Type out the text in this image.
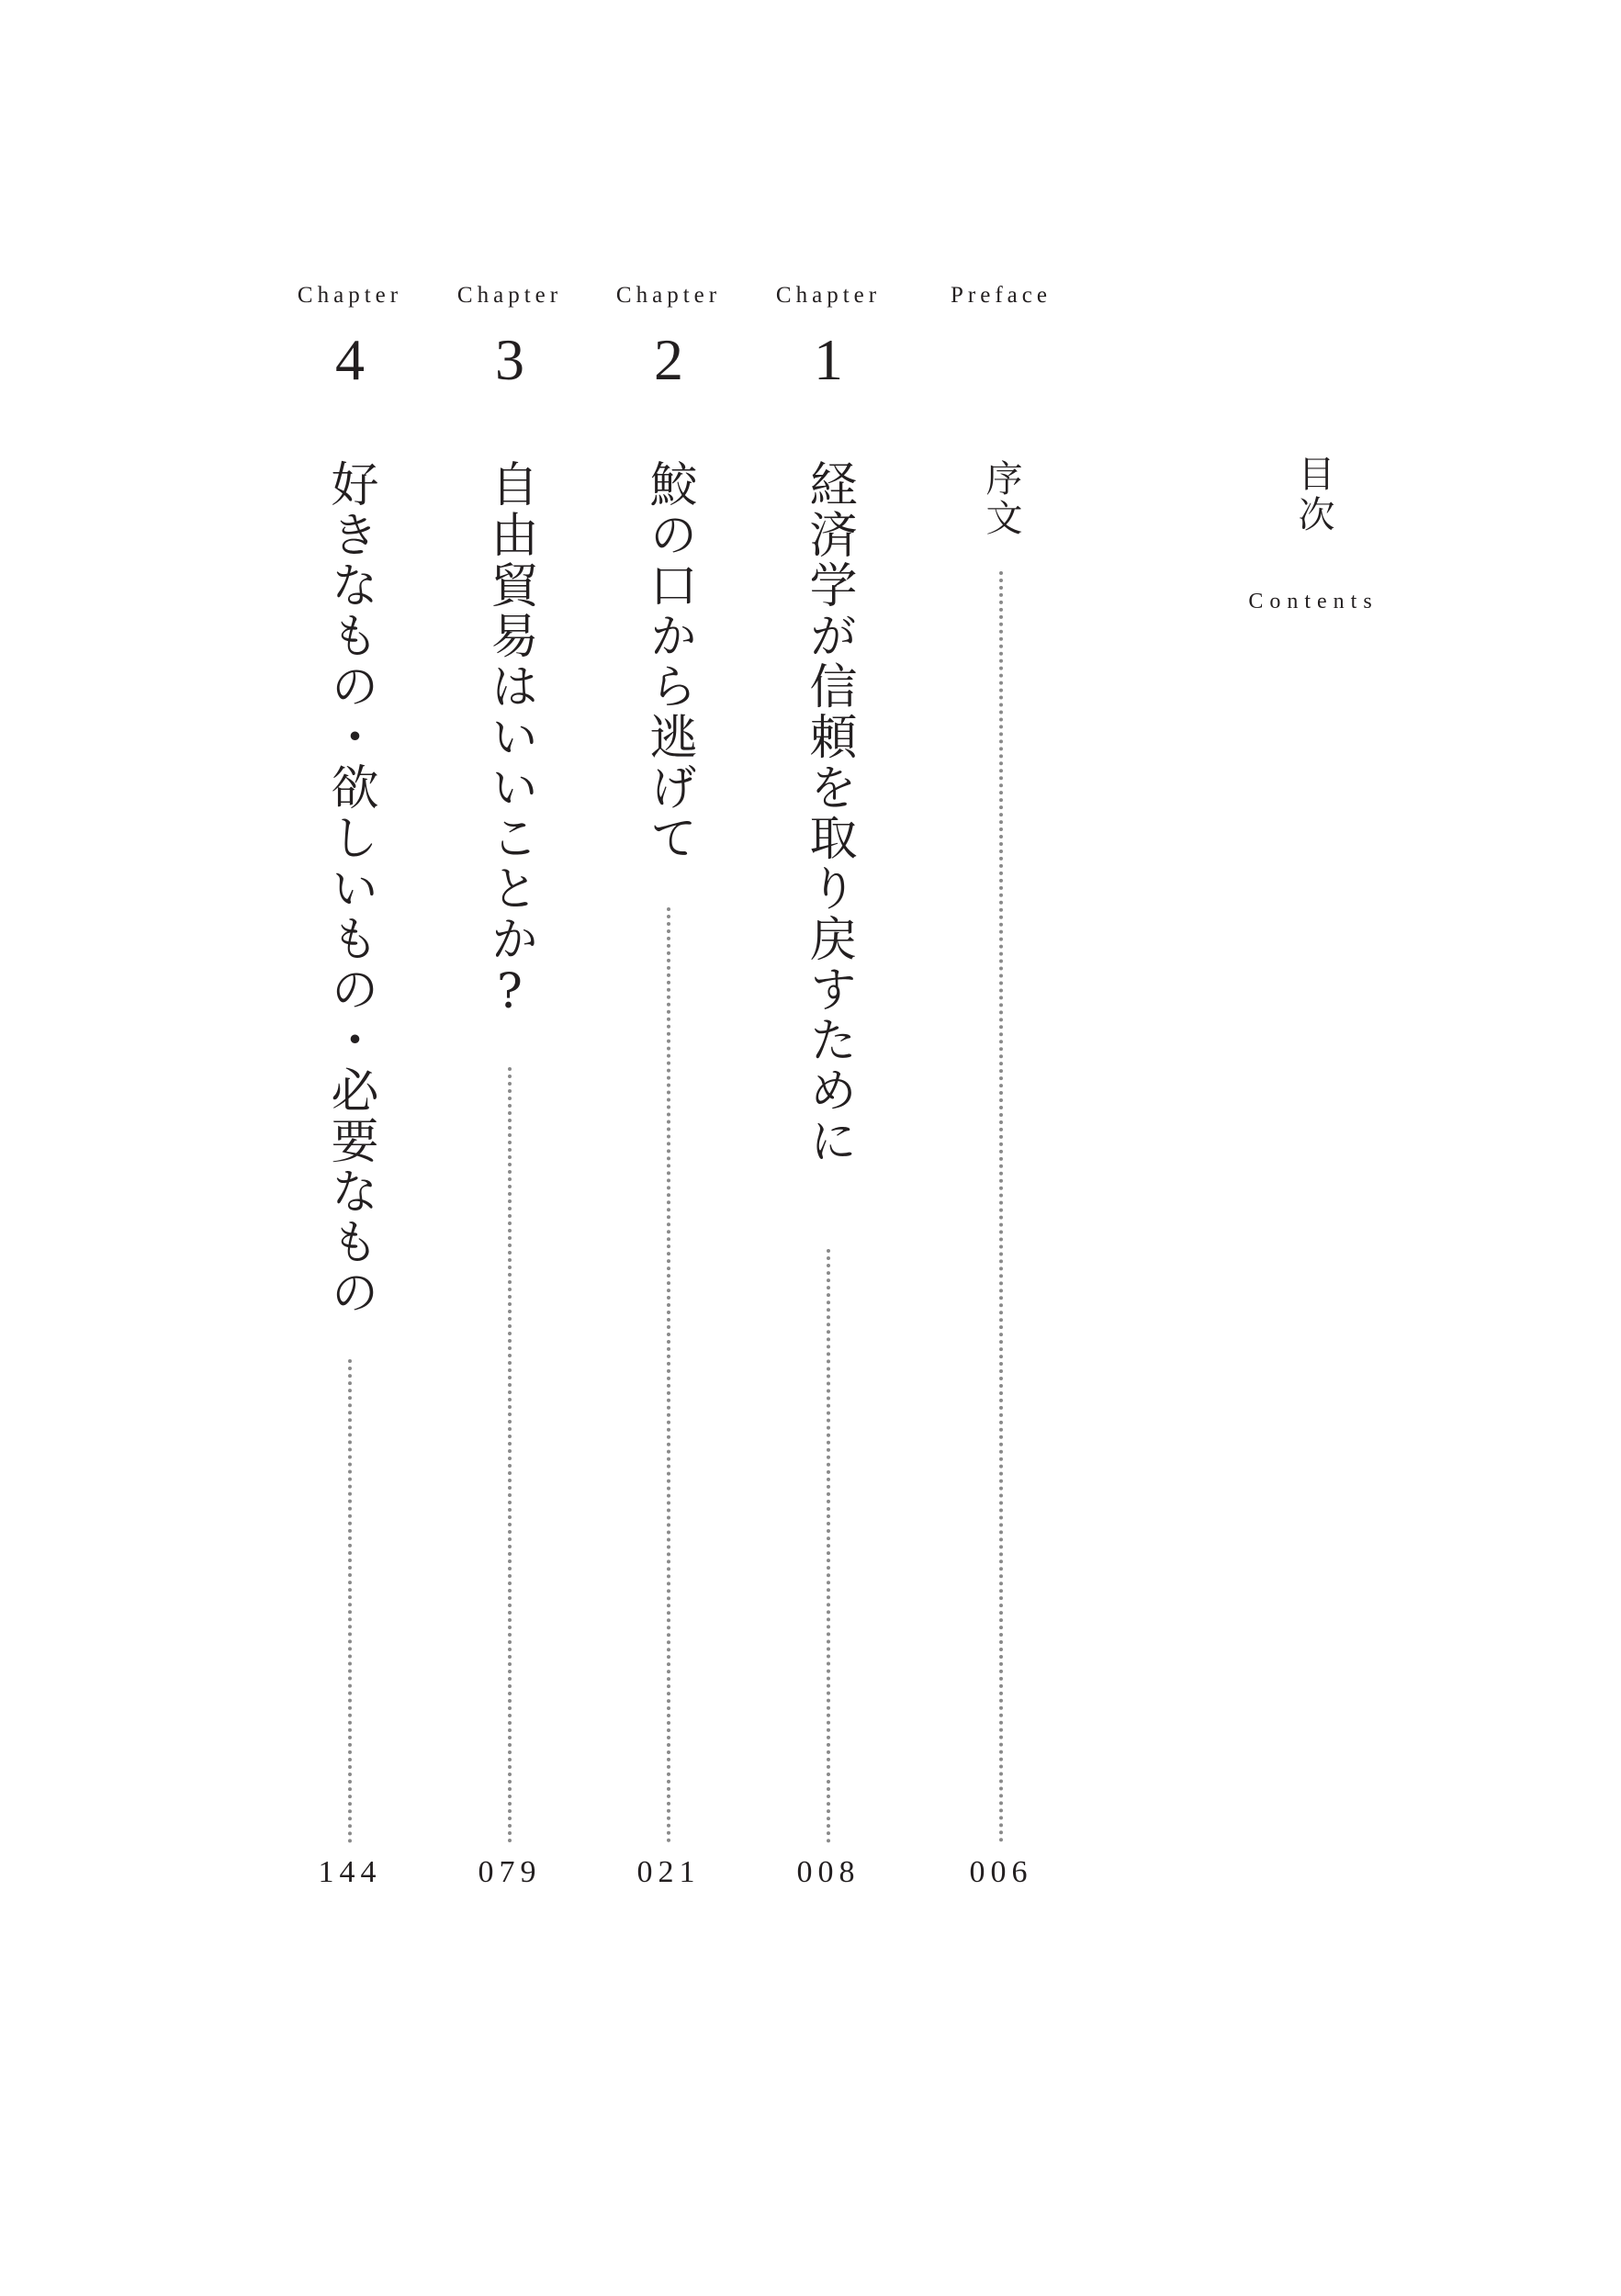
目次
Contents
Preface
序文
006
Chapter
1
経済学が信頼を取り戻すために
008
Chapter
2
鮫の口から逃げて
021
Chapter
3
自由貿易はいいことか?
079
Chapter
4
好きなもの・欲しいもの・必要なもの
144
